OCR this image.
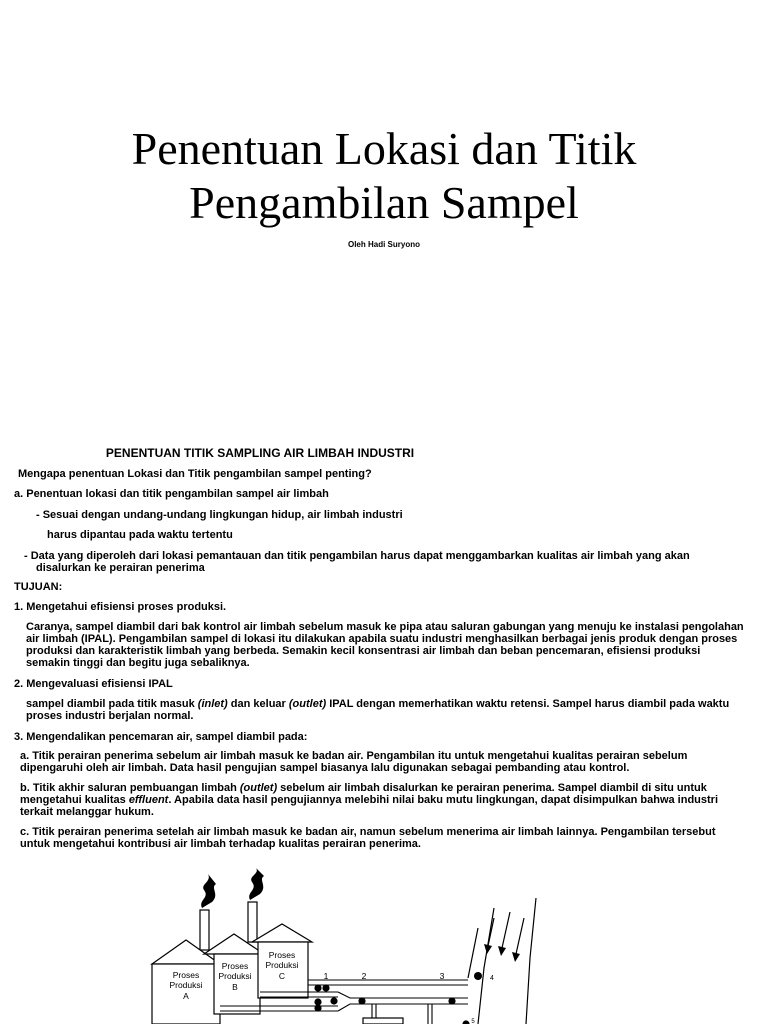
Penentuan Lokasi dan Titik
Pengambilan Sampel
Oleh Hadi Suryono
PENENTUAN TITIK SAMPLING AIR LIMBAH INDUSTRI
Mengapa penentuan Lokasi dan Titik pengambilan sampel penting?
a. Penentuan lokasi dan titik pengambilan sampel air limbah
- Sesuai dengan undang-undang lingkungan hidup, air limbah industri
harus dipantau pada waktu tertentu
- Data yang diperoleh dari lokasi pemantauan dan titik pengambilan harus dapat menggambarkan kualitas air limbah yang akan
disalurkan ke perairan penerima
TUJUAN:
1. Mengetahui efisiensi proses produksi.
Caranya, sampel diambil dari bak kontrol air limbah sebelum masuk ke pipa atau saluran gabungan yang menuju ke instalasi pengolahan air limbah (IPAL). Pengambilan sampel di lokasi itu dilakukan apabila suatu industri menghasilkan berbagai jenis produk dengan proses produksi dan karakteristik limbah yang berbeda. Semakin kecil konsentrasi air limbah dan beban pencemaran, efisiensi produksi semakin tinggi dan begitu juga sebaliknya.
2. Mengevaluasi efisiensi IPAL
sampel diambil pada titik masuk (inlet) dan keluar (outlet) IPAL dengan memerhatikan waktu retensi. Sampel harus diambil pada waktu proses industri berjalan normal.
3. Mengendalikan pencemaran air, sampel diambil pada:
a. Titik perairan penerima sebelum air limbah masuk ke badan air. Pengambilan itu untuk mengetahui kualitas perairan sebelum dipengaruhi oleh air limbah. Data hasil pengujian sampel biasanya lalu digunakan sebagai pembanding atau kontrol.
b. Titik akhir saluran pembuangan limbah (outlet) sebelum air limbah disalurkan ke perairan penerima. Sampel diambil di situ untuk mengetahui kualitas effluent. Apabila data hasil pengujiannya melebihi nilai baku mutu lingkungan, dapat disimpulkan bahwa industri terkait melanggar hukum.
c. Titik perairan penerima setelah air limbah masuk ke badan air, namun sebelum menerima air limbah lainnya. Pengambilan tersebut untuk mengetahui kontribusi air limbah terhadap kualitas perairan penerima.
Proses
Produksi
A
Proses
Produksi
B
Proses
Produksi
C	1	2	3	4
5
